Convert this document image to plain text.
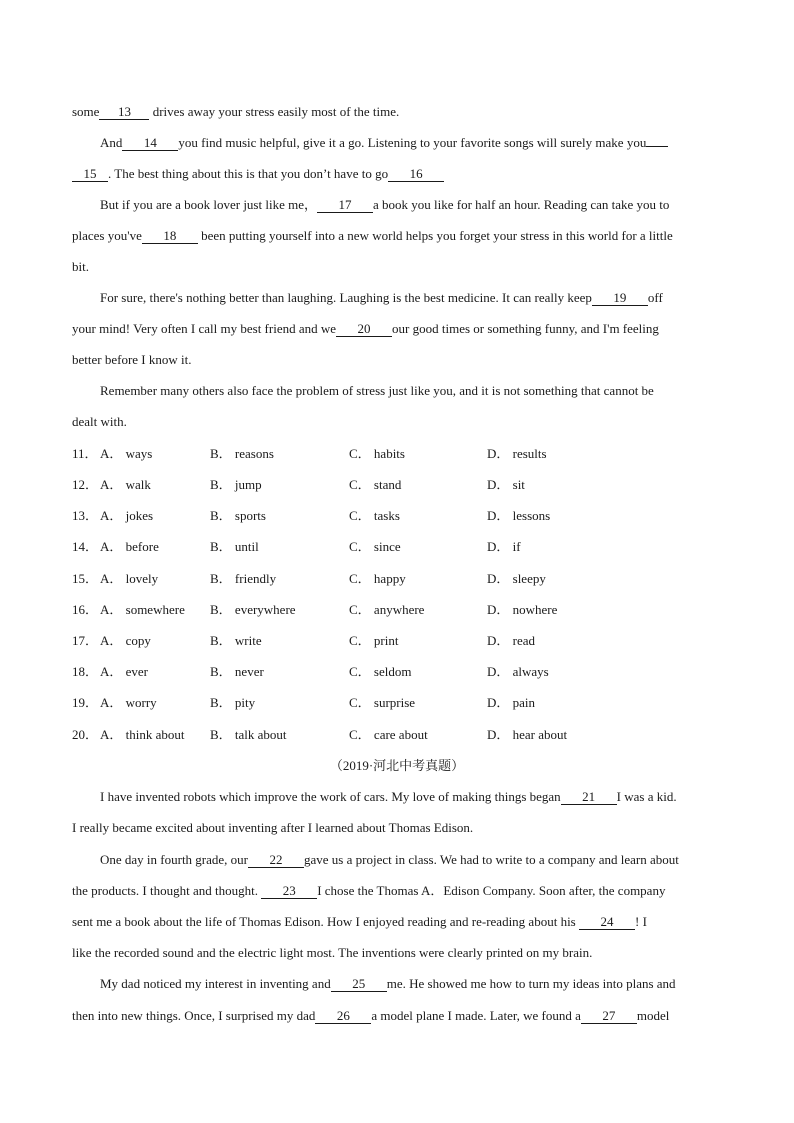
some 13 drives away your stress easily most of the time.
And 14 you find music helpful, give it a go. Listening to your favorite songs will surely make you
15 . The best thing about this is that you don’t have to go 16
But if you are a book lover just like me， 17 a book you like for half an hour. Reading can take you to
places you've 18 been putting yourself into a new world helps you forget your stress in this world for a little
bit.
For sure, there's nothing better than laughing. Laughing is the best medicine. It can really keep 19 off
your mind! Very often I call my best friend and we 20 our good times or something funny, and I'm feeling
better before I know it.
Remember many others also face the problem of stress just like you, and it is not something that cannot be
dealt with.
11． A． ways	B． reasons	C． habits	D． results
12． A． walk	B． jump	C． stand	D． sit
13． A． jokes	B． sports	C． tasks	D． lessons
14． A． before	B． until	C． since	D． if
15． A． lovely	B． friendly	C． happy	D． sleepy
16． A． somewhere B． everywhere	C． anywhere	D． nowhere
17． A． copy	B． write	C． print	D． read
18． A． ever	B． never	C． seldom	D． always
19． A． worry	B． pity	C． surprise	D． pain
20． A． think about B． talk about	C． care about	D． hear about
（2019·河北中考真题）
I have invented robots which improve the work of cars. My love of making things began 21 I was a kid.
I really became excited about inventing after I learned about Thomas Edison.
One day in fourth grade, our 22 gave us a project in class. We had to write to a company and learn about
the products. I thought and thought. 23 I chose the Thomas A．Edison Company. Soon after, the company
sent me a book about the life of Thomas Edison. How I enjoyed reading and re-reading about his 24 ! I
like the recorded sound and the electric light most. The inventions were clearly printed on my brain.
My dad noticed my interest in inventing and 25 me. He showed me how to turn my ideas into plans and
then into new things. Once, I surprised my dad 26 a model plane I made. Later, we found a 27 model
